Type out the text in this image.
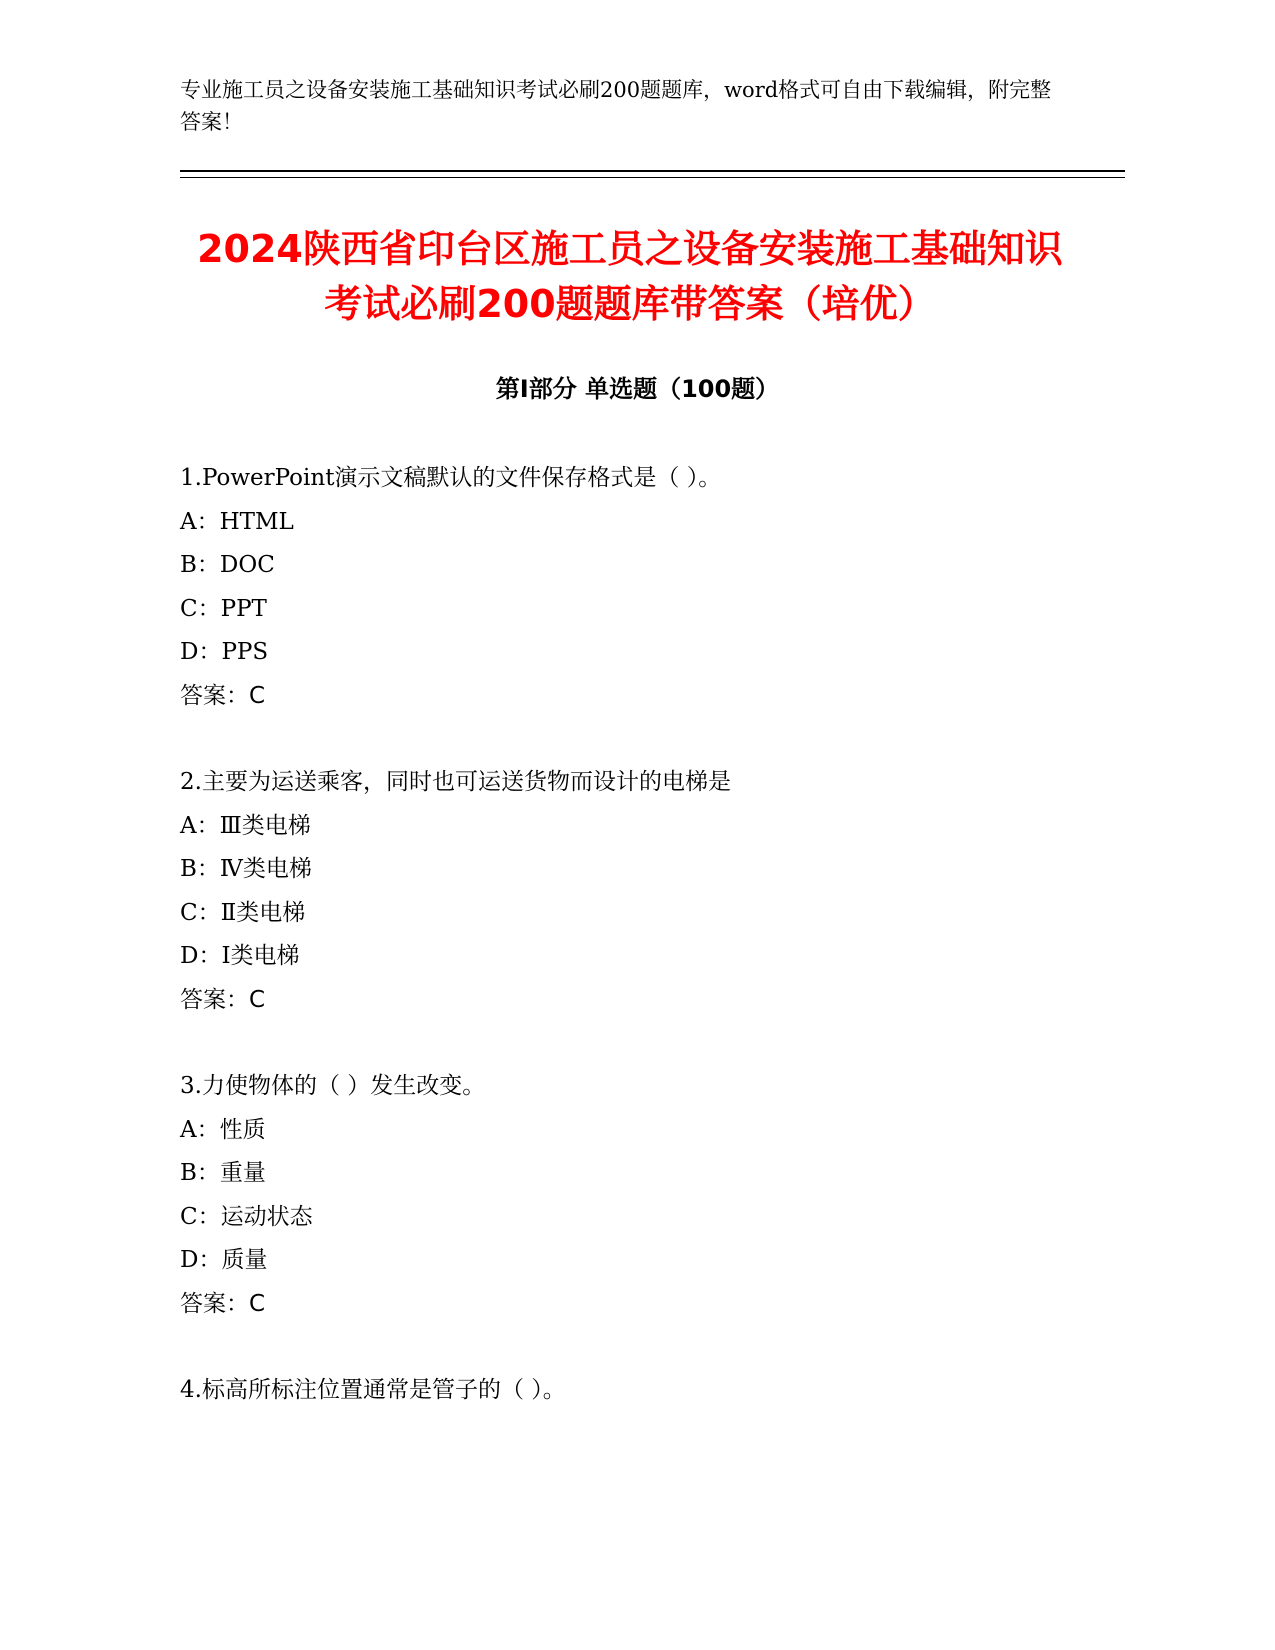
专业施工员之设备安装施工基础知识考试必刷200题题库，word格式可自由下载编辑，附完整答案！
2024陕西省印台区施工员之设备安装施工基础知识考试必刷200题题库带答案（培优）
第I部分 单选题（100题）
1.PowerPoint演示文稿默认的文件保存格式是（ ）。
A：HTML
B：DOC
C：PPT
D：PPS
答案：C
2.主要为运送乘客，同时也可运送货物而设计的电梯是
A：Ⅲ类电梯
B：Ⅳ类电梯
C：Ⅱ类电梯
D：Ⅰ类电梯
答案：C
3.力使物体的（ ）发生改变。
A：性质
B：重量
C：运动状态
D：质量
答案：C
4.标高所标注位置通常是管子的（ ）。
